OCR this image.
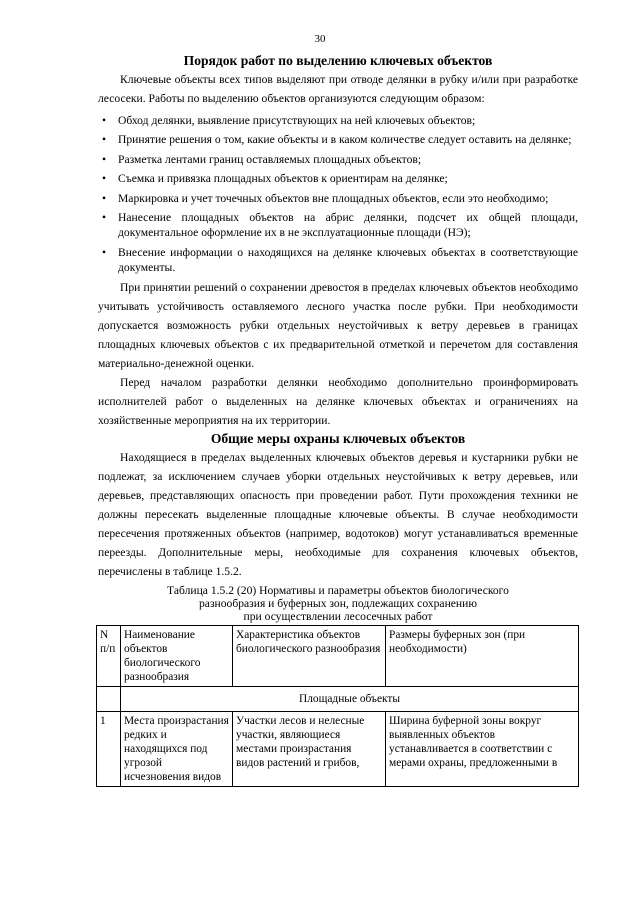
30
Порядок работ по выделению ключевых объектов

Ключевые объекты всех типов выделяют при отводе делянки в рубку и/или при разработке лесосеки. Работы по выделению объектов организуются следующим образом:

• Обход делянки, выявление присутствующих на ней ключевых объектов;
• Принятие решения о том, какие объекты и в каком количестве следует оставить на делянке;
• Разметка лентами границ оставляемых площадных объектов;
• Съемка и привязка площадных объектов к ориентирам на делянке;
• Маркировка и учет точечных объектов вне площадных объектов, если это необходимо;
• Нанесение площадных объектов на абрис делянки, подсчет их общей площади, документальное оформление их в не эксплуатационные площади (НЭ);
• Внесение информации о находящихся на делянке ключевых объектах в соответствующие документы.

При принятии решений о сохранении древостоя в пределах ключевых объектов необходимо учитывать устойчивость оставляемого лесного участка после рубки. При необходимости допускается возможность рубки отдельных неустойчивых к ветру деревьев в границах площадных ключевых объектов с их предварительной отметкой и перечетом для составления материально-денежной оценки.

Перед началом разработки делянки необходимо дополнительно проинформировать исполнителей работ о выделенных на делянке ключевых объектах и ограничениях на хозяйственные мероприятия на их территории.

Общие меры охраны ключевых объектов

Находящиеся в пределах выделенных ключевых объектов деревья и кустарники рубки не подлежат, за исключением случаев уборки отдельных неустойчивых к ветру деревьев, или деревьев, представляющих опасность при проведении работ. Пути прохождения техники не должны пересекать выделенные площадные ключевые объекты. В случае необходимости пересечения протяженных объектов (например, водотоков) могут устанавливаться временные переезды. Дополнительные меры, необходимые для сохранения ключевых объектов, перечислены в таблице 1.5.2.

Таблица 1.5.2 (20) Нормативы и параметры объектов биологического
разнообразия и буферных зон, подлежащих сохранению
при осуществлении лесосечных работ
N п/п	Наименование объектов биологического разнообразия	Характеристика объектов биологического разнообразия	Размеры буферных зон (при необходимости)
	Площадные объекты		
1	Места произрастания редких и находящихся под угрозой исчезновения видов	Участки лесов и нелесные участки, являющиеся местами произрастания видов растений и грибов,	Ширина буферной зоны вокруг выявленных объектов устанавливается в соответствии с мерами охраны, предложенными в
